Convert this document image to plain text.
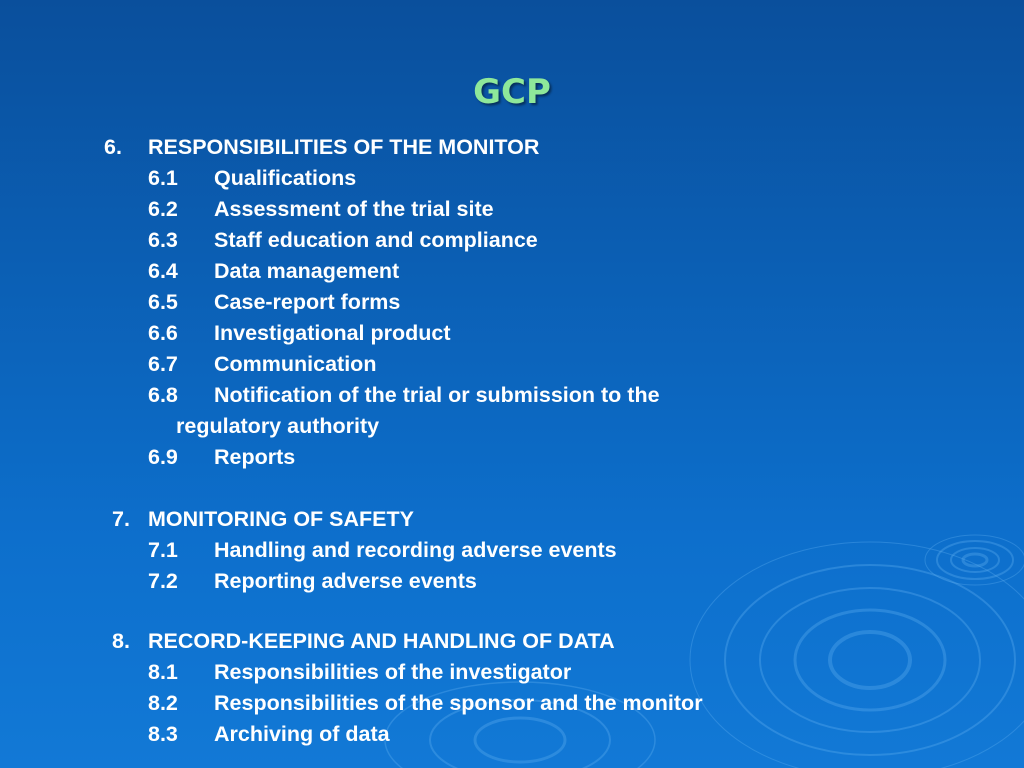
GCP
6. RESPONSIBILITIES OF THE MONITOR
6.1 Qualifications
6.2 Assessment of the trial site
6.3 Staff education and compliance
6.4 Data management
6.5 Case-report forms
6.6 Investigational product
6.7 Communication
6.8 Notification of the trial or submission to the
regulatory authority
6.9 Reports
7. MONITORING OF SAFETY
7.1 Handling and recording adverse events
7.2 Reporting adverse events
8. RECORD-KEEPING AND HANDLING OF DATA
8.1 Responsibilities of the investigator
8.2 Responsibilities of the sponsor and the monitor
8.3 Archiving of data
